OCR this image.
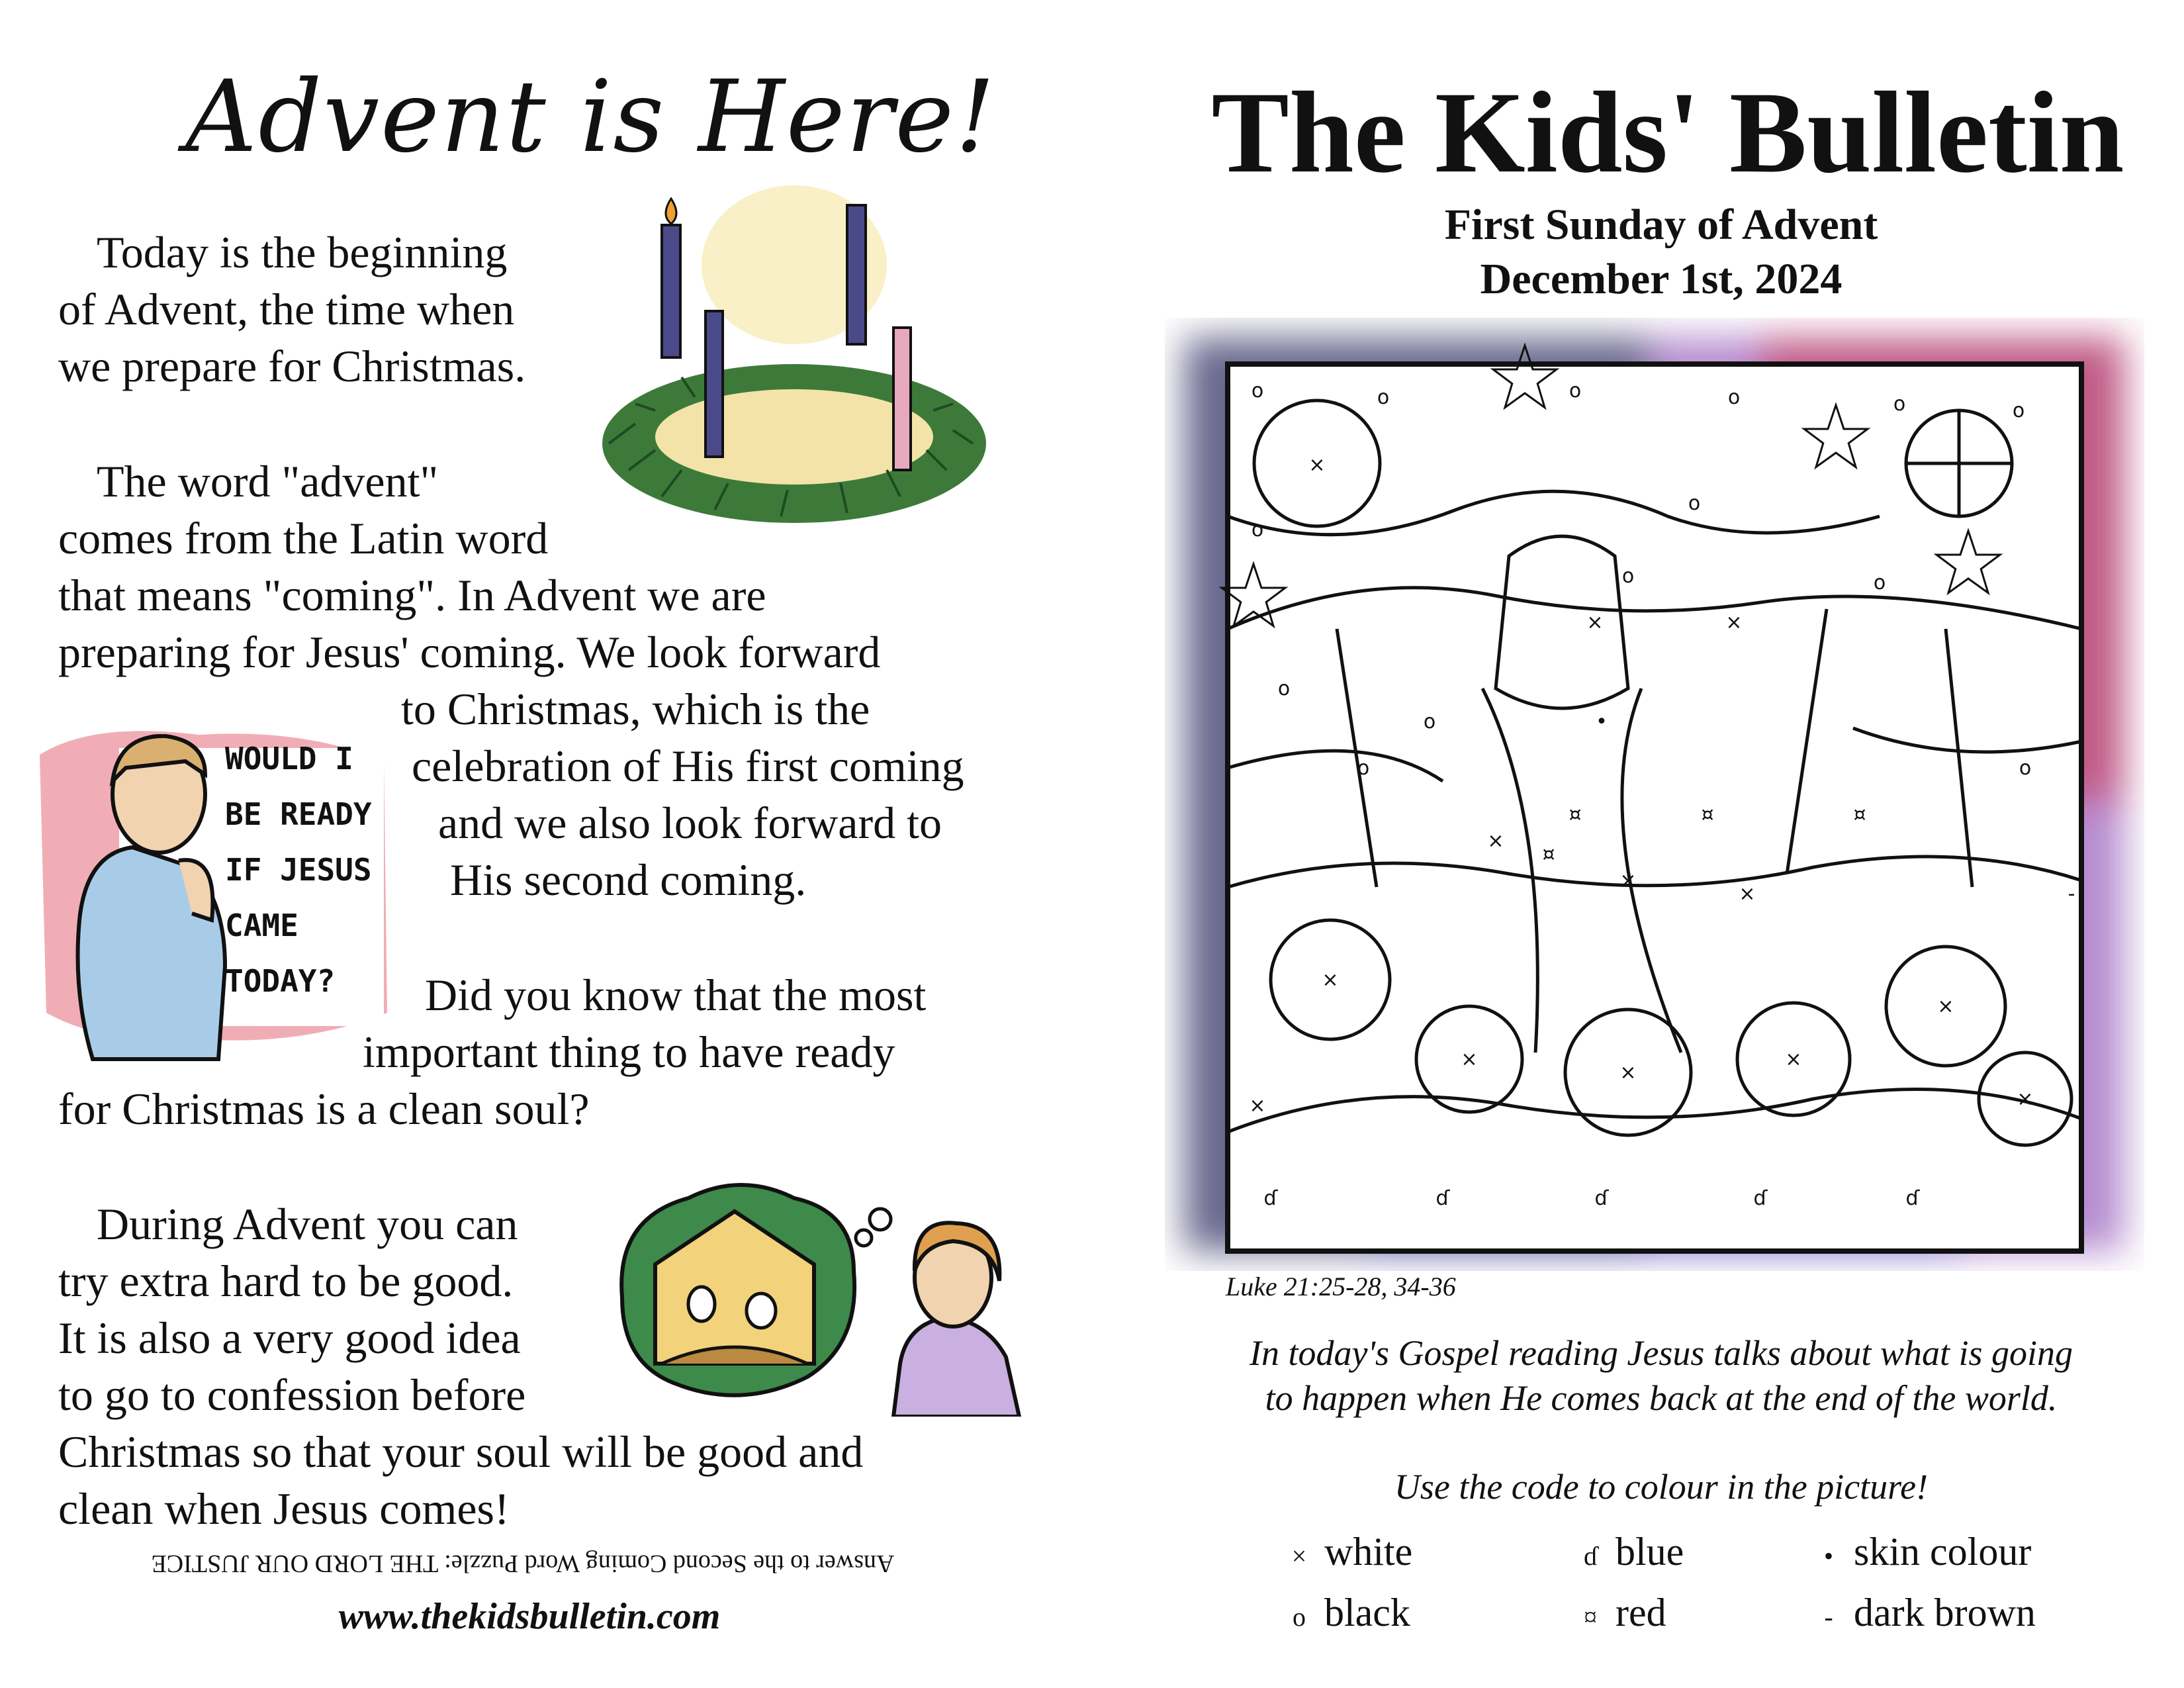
Advent is Here!
Today is the beginning
of Advent, the time when
we prepare for Christmas.
The word "advent"
comes from the Latin word
that means "coming". In Advent we are
preparing for Jesus' coming. We look forward
to Christmas, which is the
celebration of His first coming
and we also look forward to
His second coming.
Did you know that the most
important thing to have ready
for Christmas is a clean soul?
During Advent you can
try extra hard to be good.
It is also a very good idea
to go to confession before
Christmas so that your soul will be good and
clean when Jesus comes!
WOULD I
BE READY
IF JESUS
CAME
TODAY?
Answer to the Second Coming Word Puzzle: THE LORD OUR JUSTICE
www.thekidsbulletin.com
The Kids' Bulletin
First Sunday of Advent
December 1st, 2024
×
o	o	o	o	o	o
o
o
o	o
o
o
o	o
×	×
¤
¤
¤	¤
×
×
×
×
×
×
×
×
×
×
ɗ	ɗ	ɗ	ɗ	ɗ
•
-
Luke 21:25-28, 34-36
In today's Gospel reading Jesus talks about what is going
to happen when He comes back at the end of the world.
Use the code to colour in the picture!
× white	ɗ blue	• skin colour
o black	¤ red	- dark brown
